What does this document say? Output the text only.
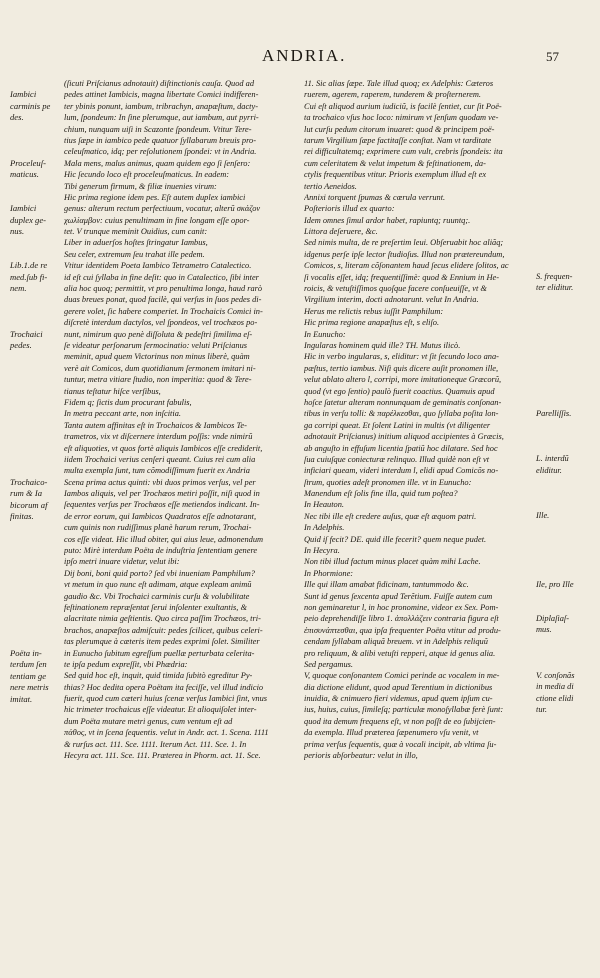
ANDRIA.	57
Iambici
carminis pe
des.
Proceleuſ-
maticus.
Iambici
duplex ge-
nus.
Lib.1.de re
med.ſub fi-
nem.
Trochaici
pedes.
Trochaico-
rum & Ia
bicorum af
finitas.
Poëta in-
terdum ſen
tentiam ge
nere metris
imitat.
(ſicuti Priſcianus adnotauit) diſtinctionis cauſa. Quod ad
pedes attinet Iambicis, magna libertate Comici indifferen-
ter ybinis ponunt, iambum, tribrachyn, anapæſtum, dacty-
lum, ſpondeum: In ſine plerumque, aut iambum, aut pyrri-
chium, nunquam uiſi in Scazonte ſpondeum. Vtitur Tere-
tius ſæpe in iambico pede quatuor ſyllabarum breuis pro-
celeuſmatico, idq; per reſolutionem ſpondei: vt in Andria.
Mala mens, malus animus, quam quidem ego ſi ſenſero:
Hic ſecundo loco eſt proceleuſmaticus. In eadem:
Tibi generum firmum, & filiæ inuenies virum:
Hic prima regione idem pes. Eſt autem duplex iambici
genus: alterum rectum perfectiuum, vocatur, alterũ σκάζον
χωλίαμβον: cuius penultimam in fine longam eſſe opor-
tet. V trunque meminit Ouidius, cum canit:
Liber in aduerſos hoſtes ſtringatur Iambus,
Seu celer, extremum ſeu trahat ille pedem.
Vtitur identidem Poeta Iambico Tetrametro Catalectico.
id eſt cui ſyllaba in fine deſit: quo in Catalectico, ſibi inter
alia hoc quoq; permittit, vt pro penultima longa, haud rarò
duas breues ponat, quod facilè, qui verſus in ſuos pedes di-
gerere volet, ſic habere comperiet. In Trochaicis Comici in-
diſcretè interdum dactylos, vel ſpondeos, vel trochæos po-
nunt, nimirum quo penè diſſoluta & pedeſtri ſimilima eſ-
ſe videatur perſonarum ſermocinatio: veluti Priſcianus
meminit, apud quem Victorinus non minus liberè, quàm
verè ait Comicos, dum quotidianum ſermonem imitari ni-
tuntur, metra vitiare ſtudio, non imperitia: quod & Tere-
tianus teſtatur hiſce verſibus,
Fidem q; ſictis dum procurant fabulis,
In metra peccant arte, non inſcitia.
Tanta autem affinitas eſt in Trochaicos & Iambicos Te-
trametros, vix vt diſcernere interdum poſſis: vnde nimirũ
eſt aliquoties, vt quos fortè aliquis Iambicos eſſe crediderit,
iidem Trochaici verius cenſeri queant. Cuius rei cum alia
multa exempla ſunt, tum cõmodiſſimum fuerit ex Andria
Scena prima actus quinti: vbi duos primos verſus, vel per
Iambos aliquis, vel per Trochæos metiri poſſit, niſi quod in
ſequentes verſus per Trochæos eſſe metiendos indicant. In-
de error eorum, qui Iambicos Quadratos eſſe adnotarant,
cum quinis non rudiſſimus planè harum rerum, Trochai-
cos eſſe videat. Hic illud obiter, qui aius leue, admonendum
puto: Mirè interdum Poëta de induſtria ſententiam genere
ipſo metri inuare videtur, velut ibi:
Dij boni, boni quid porto? ſed vbi inueniam Pamphilum?
vt metum in quo nunc eſt adimam, atque expleam animũ
gaudio &c. Vbi Trochaici carminis curſu & volubilitate
feſtinationem repræſentat ſerui inſolenter exultantis, &
alacritate nimia geſtientis. Quo circa paſſim Trochæos, tri-
brachos, anapæſtos admiſcuit: pedes ſcilicet, quibus celeri-
tas plerumque à cæteris item pedes exprimi ſolet. Similiter
in Eunucho ſubitum egreſſum puellæ perturbata celerita-
te ipſa pedum expreſſit, vbi Phædria:
Sed quid hoc eſt, inquit, quid timida ſubitò egreditur Py-
thias? Hoc dedita opera Poëtam ita feciſſe, vel illud indicio
fuerit, quod cum cæteri huius ſcenæ verſus Iambici ſint, vnus
hic trimeter trochaicus eſſe videatur. Et alioquiſolet inter-
dum Poëta mutare metri genus, cum ventum eſt ad
πάθος, vt in ſcena ſequentis. velut in Andr. act. 1. Scena. 1111
& rurſus act. 111. Sce. 1111. Iterum Act. 111. Sce. 1. In
Hecyra act. 111. Sce. 111. Præterea in Phorm. act. 11. Sce.
11. Sic alias ſæpe. Tale illud quoq; ex Adelphis: Cæteros
ruerem, agerem, raperem, tunderem & proſternerem.
Cui eſt aliquod aurium iudiciũ, is facilè ſentiet, cur ſit Poë-
ta trochaico vſus hoc loco: nimirum vt ſenſum quodam ve-
lut curſu pedum citorum inuaret: quod & principem poë-
tarum Virgilium ſæpe factitaſſe conſtat. Nam vt tarditate
rei difficultatemq; exprimere cum vult, crebris ſpondeis: ita
cum celeritatem & velut impetum & feſtinationem, da-
ctylis frequentibus vtitur. Prioris exemplum illud eſt ex
tertio Aeneidos.
Annixi torquent ſpumas & cœrula verrunt.
Poſterioris illud ex quarto:
Idem omnes ſimul ardor habet, rapiuntq; ruuntq;.
Littora deſeruere, &c.
Sed nimis multa, de re preſertim leui. Obſeruabit hoc aliãq;
idgenus perſe ipſe lector ſtudioſus. Illud non prætereundum,
Comicos, s, literam cõſonantem haud ſecus elidere ſolitos, ac
ſi vocalis eſſet, idq; frequentiſſimè: quod & Ennium in He-
roicis, & vetuſtiſſimos quoſque facere conſueuiſſe, vt &
Virgilium interim, docti adnotarunt. velut In Andria.
Herus me relictis rebus iuſſit Pamphilum:
Hic prima regione anapæſtus eſt, s eliſo.
In Eunucho:
Ingularas hominem quid ille? TH. Mutus ilicò.
Hic in verbo ingularas, s, eliditur: vt ſit ſecundo loco ana-
pæſtus, tertio iambus. Niſi quis dicere auſit pronomen ille,
velut ablato altero l, corripi, more imitationeque Græcorũ,
quod (vt ego ſentio) paulò fuerit coactius. Quamuis apud
hoſce ſatetur alteram nonnunquam de geminatis conſonan-
tibus in verſu tolli: & παρέλκεσθαι, quo ſyllaba poſita lon-
ga corripi queat. Et ſolent Latini in multis (vt diligenter
adnotauit Priſcianus) initium aliquod accipientes à Græcis,
ab anguſto in effuſum licentia ſpatiũ hoc dilatare. Sed hoc
ſua cuiuſque coniecturæ relinquo. Illud quidè non eſt vt
inficiari queam, videri interdum l, elidi apud Comicõs no-
ſtrum, quoties adeſt pronomen ille. vt in Eunucho:
Manendum eſt ſolis fine illa, quid tum poſtea?
In Heauton.
Nec tibi ille eſt credere auſus, quæ eſt æquom patri.
In Adelphis.
Quid iſ fecit? DE. quid ille fecerit? quem neque pudet.
In Hecyra.
Non tibi illud factum minus placet quàm mihi Lache.
In Phormione:
Ille qui illam amabat fidicinam, tantummodo &c.
Sunt id genus ſexcenta apud Terẽtium. Fuiſſe autem cum
non geminaretur l, in hoc pronomine, videor ex Sex. Pom-
peio deprehendiſſe libro 1. ἀπολλάζειν contraria figura eſt
ἐπισυνάπτεσθαι, qua ipſa frequenter Poëta vtitur ad produ-
cendam ſyllabam aliquã breuem. vt in Adelphis reliquũ
pro reliquum, & alibi vetuſti repperi, atque id genus alia.
Sed pergamus.
V, quoque conſonantem Comici perinde ac vocalem in me-
dia dictione elidunt, quod apud Terentium in dictionibus
inuidia, & cnimuero fieri videmus, apud quem ipſum cu-
ius, huius, cuius, ſimileſq; particulæ monoſyllabæ ferè ſunt:
quod ita demum frequens eſt, vt non poſſt de eo ſubijcien-
da exempla. Illud præterea ſæpenumero vſu venit, vt
prima verſus ſequentis, quæ à vocali incipit, ab vltima ſu-
perioris abſorbeatur: velut in illo,
S. frequen-
ter eliditur.
Parelliſſis.
L. interdũ
eliditur.
Ille.
Ile, pro Ille
Diplaſiaſ-
mus.
V. conſonãs
in media di
ctione elidi
tur.
